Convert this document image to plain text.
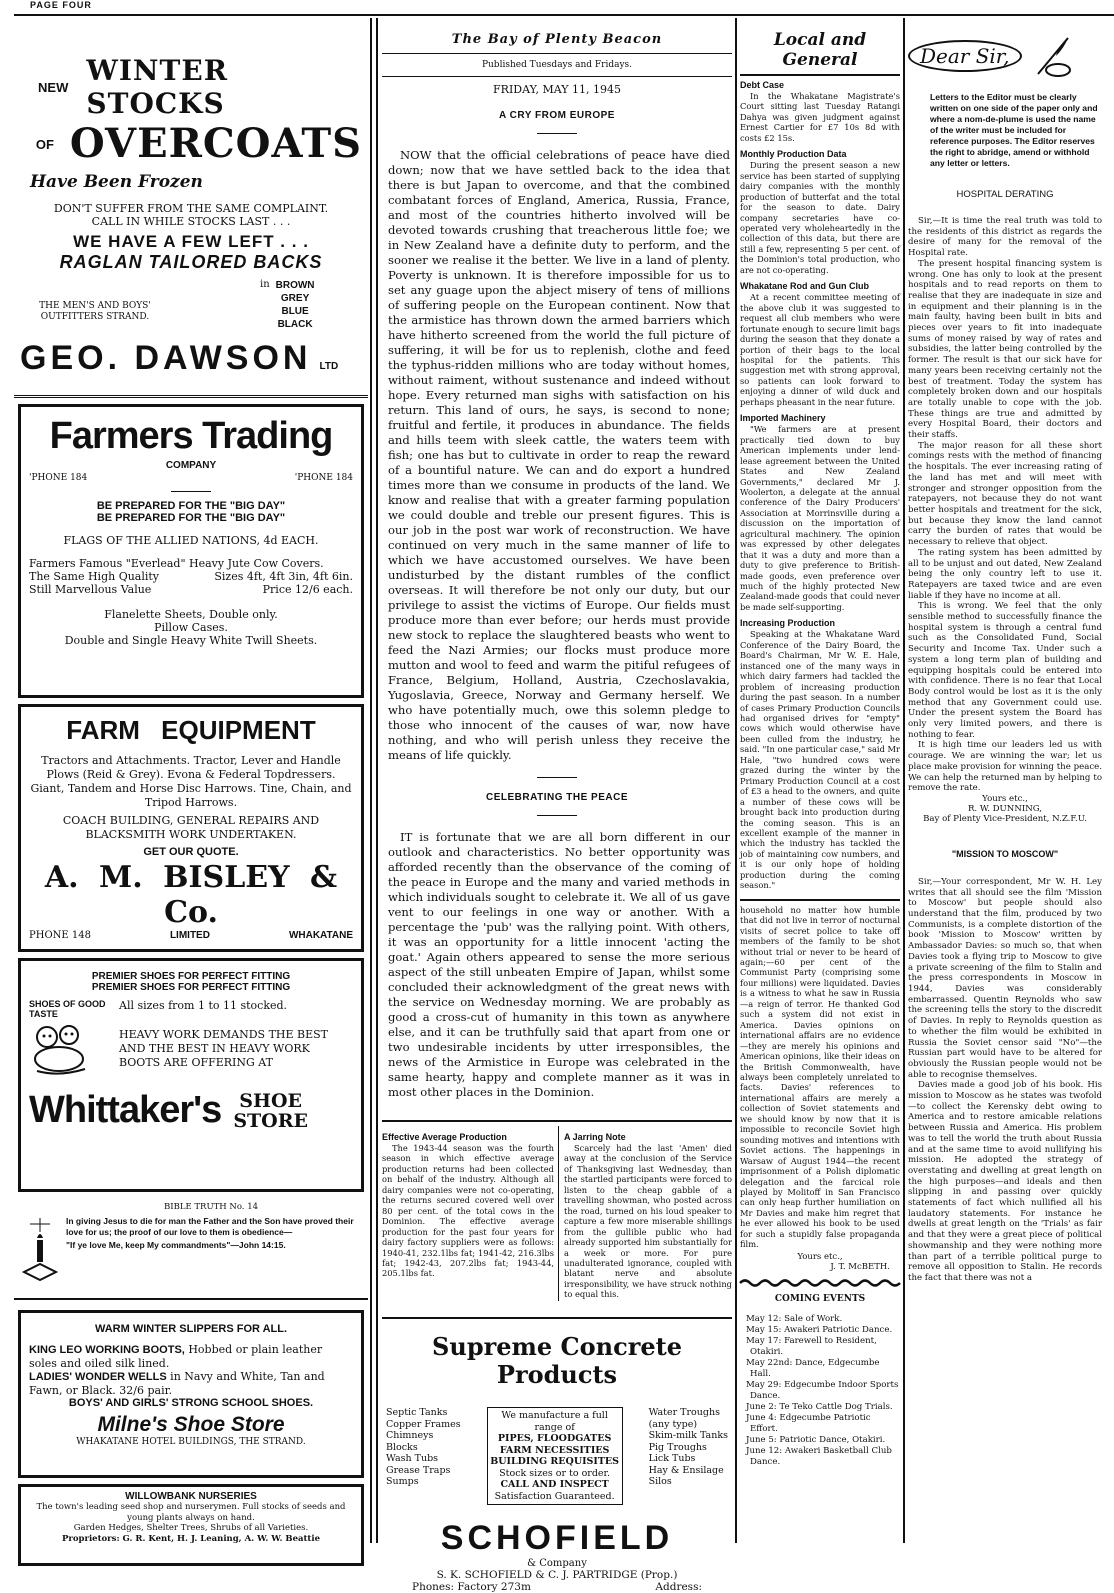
PAGE FOUR
NEW WINTER STOCKS
OF OVERCOATS
Have Been Frozen
DON'T SUFFER FROM THE SAME COMPLAINT.
CALL IN WHILE STOCKS LAST . . .
WE HAVE A FEW LEFT . . .
RAGLAN TAILORED BACKS
THE MEN'S AND BOYS' OUTFITTERS STRAND.
in BROWN
GREY
BLUE
BLACK
GEO. DAWSON LTD
Farmers Trading
COMPANY
'PHONE 184	'PHONE 184
BE PREPARED FOR THE "BIG DAY"
BE PREPARED FOR THE "BIG DAY"
FLAGS OF THE ALLIED NATIONS, 4d EACH.
Farmers Famous "Everlead" Heavy Jute Cow Covers.
The Same High Quality	Sizes 4ft, 4ft 3in, 4ft 6in.
Still Marvellous Value	Price 12/6 each.
Flanelette Sheets, Double only.
Pillow Cases.
Double and Single Heavy White Twill Sheets.
FARM EQUIPMENT
Tractors and Attachments. Tractor, Lever and Handle Plows (Reid & Grey). Evona & Federal Topdressers. Giant, Tandem and Horse Disc Harrows. Tine, Chain, and Tripod Harrows.
COACH BUILDING, GENERAL REPAIRS AND BLACKSMITH WORK UNDERTAKEN.
GET OUR QUOTE.
A. M. BISLEY & Co.
PHONE 148	LIMITED	WHAKATANE
PREMIER SHOES FOR PERFECT FITTING
PREMIER SHOES FOR PERFECT FITTING
SHOES OF GOOD TASTE
All sizes from 1 to 11 stocked.
HEAVY WORK DEMANDS THE BEST AND THE BEST IN HEAVY WORK BOOTS ARE OFFERING AT
Whittaker's SHOE
STORE
BIBLE TRUTH No. 14
In giving Jesus to die for man the Father and the Son have proved their love for us; the proof of our love to them is obedience—
"If ye love Me, keep My commandments"—John 14:15.
WARM WINTER SLIPPERS FOR ALL.
KING LEO WORKING BOOTS, Hobbed or plain leather soles and oiled silk lined.
LADIES' WONDER WELLS in Navy and White, Tan and Fawn, or Black. 32/6 pair.
BOYS' AND GIRLS' STRONG SCHOOL SHOES.
Milne's Shoe Store
WHAKATANE HOTEL BUILDINGS, THE STRAND.
WILLOWBANK NURSERIES
The town's leading seed shop and nurserymen. Full stocks of seeds and young plants always on hand.
Garden Hedges, Shelter Trees, Shrubs of all Varieties.
Proprietors: G. R. Kent, H. J. Leaning, A. W. W. Beattie
The Bay of Plenty Beacon
Published Tuesdays and Fridays.
FRIDAY, MAY 11, 1945
A CRY FROM EUROPE
NOW that the official celebrations of peace have died down; now that we have settled back to the idea that there is but Japan to overcome, and that the combined combatant forces of England, America, Russia, France, and most of the countries hitherto involved will be devoted towards crushing that treacherous little foe; we in New Zealand have a definite duty to perform, and the sooner we realise it the better. We live in a land of plenty. Poverty is unknown. It is therefore impossible for us to set any guage upon the abject misery of tens of millions of suffering people on the European continent. Now that the armistice has thrown down the armed barriers which have hitherto screened from the world the full picture of suffering, it will be for us to replenish, clothe and feed the typhus-ridden millions who are today without homes, without raiment, without sustenance and indeed without hope. Every returned man sighs with satisfaction on his return. This land of ours, he says, is second to none; fruitful and fertile, it produces in abundance. The fields and hills teem with sleek cattle, the waters teem with fish; one has but to cultivate in order to reap the reward of a bountiful nature. We can and do export a hundred times more than we consume in products of the land. We know and realise that with a greater farming population we could double and treble our present figures. This is our job in the post war work of reconstruction. We have continued on very much in the same manner of life to which we have accustomed ourselves. We have been undisturbed by the distant rumbles of the conflict overseas. It will therefore be not only our duty, but our privilege to assist the victims of Europe. Our fields must produce more than ever before; our herds must provide new stock to replace the slaughtered beasts who went to feed the Nazi Armies; our flocks must produce more mutton and wool to feed and warm the pitiful refugees of France, Belgium, Holland, Austria, Czechoslavakia, Yugoslavia, Greece, Norway and Germany herself. We who have potentially much, owe this solemn pledge to those who innocent of the causes of war, now have nothing, and who will perish unless they receive the means of life quickly.
CELEBRATING THE PEACE
IT is fortunate that we are all born different in our outlook and characteristics. No better opportunity was afforded recently than the observance of the coming of the peace in Europe and the many and varied methods in which individuals sought to celebrate it. We all of us gave vent to our feelings in one way or another. With a percentage the 'pub' was the rallying point. With others, it was an opportunity for a little innocent 'acting the goat.' Again others appeared to sense the more serious aspect of the still unbeaten Empire of Japan, whilst some concluded their acknowledgment of the great news with the service on Wednesday morning. We are probably as good a cross-cut of humanity in this town as anywhere else, and it can be truthfully said that apart from one or two undesirable incidents by utter irresponsibles, the news of the Armistice in Europe was celebrated in the same hearty, happy and complete manner as it was in most other places in the Dominion.
Effective Average Production

The 1943-44 season was the fourth season in which effective average production returns had been collected on behalf of the industry. Although all dairy companies were not co-operating, the returns secured covered well over 80 per cent. of the total cows in the Dominion. The effective average production for the past four years for dairy factory suppliers were as follows: 1940-41, 232.1lbs fat; 1941-42, 216.3lbs fat; 1942-43, 207.2lbs fat; 1943-44, 205.1lbs fat.

A Jarring Note

Scarcely had the last 'Amen' died away at the conclusion of the Service of Thanksgiving last Wednesday, than the startled participants were forced to listen to the cheap gabble of a travelling showman, who posted across the road, turned on his loud speaker to capture a few more miserable shillings from the gullible public who had already supported him substantially for a week or more. For pure unadulterated ignorance, coupled with blatant nerve and absolute irresponsibility, we have struck nothing to equal this.

Supreme Concrete
Products
Septic Tanks
Copper Frames
Chimneys
Blocks
Wash Tubs
Grease Traps
Sumps
We manufacture a full range of
PIPES, FLOODGATES
FARM NECESSITIES
BUILDING REQUISITES
Stock sizes or to order.
CALL AND INSPECT
Satisfaction Guaranteed.
Water Troughs
(any type)
Skim-milk Tanks
Pig Troughs
Lick Tubs
Hay & Ensilage
Silos
SCHOFIELD
& Company
S. K. SCHOFIELD & C. J. PARTRIDGE (Prop.)
Phones: Factory 273m	Address:
Local and General
Debt Case

In the Whakatane Magistrate's Court sitting last Tuesday Ratangi Dahya was given judgment against Ernest Cartier for £7 10s 8d with costs £2 15s.

Monthly Production Data

During the present season a new service has been started of supplying dairy companies with the monthly production of butterfat and the total for the season to date. Dairy company secretaries have co-operated very wholeheartedly in the collection of this data, but there are still a few, representing 5 per cent. of the Dominion's total production, who are not co-operating.

Whakatane Rod and Gun Club

At a recent committee meeting of the above club it was suggested to request all club members who were fortunate enough to secure limit bags during the season that they donate a portion of their bags to the local hospital for the patients. This suggestion met with strong approval, so patients can look forward to enjoying a dinner of wild duck and perhaps pheasant in the near future.

Imported Machinery

"We farmers are at present practically tied down to buy American implements under lend-lease agreement between the United States and New Zealand Governments," declared Mr J. Woolerton, a delegate at the annual conference of the Dairy Producers' Association at Morrinsville during a discussion on the importation of agricultural machinery. The opinion was expressed by other delegates that it was a duty and more than a duty to give preference to British-made goods, even preference over much of the highly protected New Zealand-made goods that could never be made self-supporting.

Increasing Production

Speaking at the Whakatane Ward Conference of the Dairy Board, the Board's Chairman, Mr W. E. Hale, instanced one of the many ways in which dairy farmers had tackled the problem of increasing production during the past season. In a number of cases Primary Production Councils had organised drives for "empty" cows which would otherwise have been culled from the industry, he said. "In one particular case," said Mr Hale, "two hundred cows were grazed during the winter by the Primary Production Council at a cost of £3 a head to the owners, and quite a number of these cows will be brought back into production during the coming season. This is an excellent example of the manner in which the industry has tackled the job of maintaining cow numbers, and it is our only hope of holding production during the coming season."

household no matter how humble that did not live in terror of nocturnal visits of secret police to take off members of the family to be shot without trial or never to be heard of again;—60 per cent of the Communist Party (comprising some four millions) were liquidated. Davies is a witness to what he saw in Russia—a reign of terror. He thanked God such a system did not exist in America. Davies opinions on international affairs are no evidence—they are merely his opinions and American opinions, like their ideas on the British Commonwealth, have always been completely unrelated to facts. Davies' references to international affairs are merely a collection of Soviet statements and we should know by now that it is impossible to reconcile Soviet high sounding motives and intentions with Soviet actions. The happenings in Warsaw of August 1944—the recent imprisonment of a Polish diplomatic delegation and the farcical role played by Molitoff in San Francisco can only heap further humiliation on Mr Davies and make him regret that he ever allowed his book to be used for such a stupidly false propaganda film.

Yours etc.,
J. T. McBETH.
COMING EVENTS
May 12: Sale of Work.
May 15: Awakeri Patriotic Dance.
May 17: Farewell to Resident, Otakiri.
May 22nd: Dance, Edgecumbe Hall.
May 29: Edgecumbe Indoor Sports Dance.
June 2: Te Teko Cattle Dog Trials.
June 4: Edgecumbe Patriotic Effort.
June 5: Patriotic Dance, Otakiri.
June 12: Awakeri Basketball Club Dance.
Dear Sir,
Letters to the Editor must be clearly written on one side of the paper only and where a nom-de-plume is used the name of the writer must be included for reference purposes. The Editor reserves the right to abridge, amend or withhold any letter or letters.
HOSPITAL DERATING

Sir,—It is time the real truth was told to the residents of this district as regards the desire of many for the removal of the Hospital rate.

The present hospital financing system is wrong. One has only to look at the present hospitals and to read reports on them to realise that they are inadequate in size and in equipment and their planning is in the main faulty, having been built in bits and pieces over years to fit into inadequate sums of money raised by way of rates and subsidies, the latter being controlled by the former. The result is that our sick have for many years been receiving certainly not the best of treatment. Today the system has completely broken down and our hospitals are totally unable to cope with the job. These things are true and admitted by every Hospital Board, their doctors and their staffs.

The major reason for all these short comings rests with the method of financing the hospitals. The ever increasing rating of the land has met and will meet with stronger and stronger opposition from the ratepayers, not because they do not want better hospitals and treatment for the sick, but because they know the land cannot carry the burden of rates that would be necessary to relieve that object.

The rating system has been admitted by all to be unjust and out dated, New Zealand being the only country left to use it. Ratepayers are taxed twice and are even liable if they have no income at all.

This is wrong. We feel that the only sensible method to successfully finance the hospital system is through a central fund such as the Consolidated Fund, Social Security and Income Tax. Under such a system a long term plan of building and equipping hospitals could be entered into with confidence. There is no fear that Local Body control would be lost as it is the only method that any Government could use. Under the present system the Board has only very limited powers, and there is nothing to fear.

It is high time our leaders led us with courage. We are winning the war; let us place make provision for winning the peace. We can help the returned man by helping to remove the rate.

Yours etc.,
R. W. DUNNING,
Bay of Plenty Vice-President, N.Z.F.U.
"MISSION TO MOSCOW"

Sir,—Your correspondent, Mr W. H. Ley writes that all should see the film 'Mission to Moscow' but people should also understand that the film, produced by two Communists, is a complete distortion of the book 'Mission to Moscow' written by Ambassador Davies: so much so, that when Davies took a flying trip to Moscow to give a private screening of the film to Stalin and the press correspondents in Moscow in 1944, Davies was considerably embarrassed. Quentin Reynolds who saw the screening tells the story to the discredit of Davies. In reply to Reynolds question as to whether the film would be exhibited in Russia the Soviet censor said "No"—the Russian part would have to be altered for obviously the Russian people would not be able to recognise themselves.

Davies made a good job of his book. His mission to Moscow as he states was twofold—to collect the Kerensky debt owing to America and to restore amicable relations between Russia and America. His problem was to tell the world the truth about Russia and at the same time to avoid nullifying his mission. He adopted the strategy of overstating and dwelling at great length on the high purposes—and ideals and then slipping in and passing over quickly statements of fact which nullified all his laudatory statements. For instance he dwells at great length on the 'Trials' as fair and that they were a great piece of political showmanship and they were nothing more than part of a terrible political purge to remove all opposition to Stalin. He records the fact that there was not a
